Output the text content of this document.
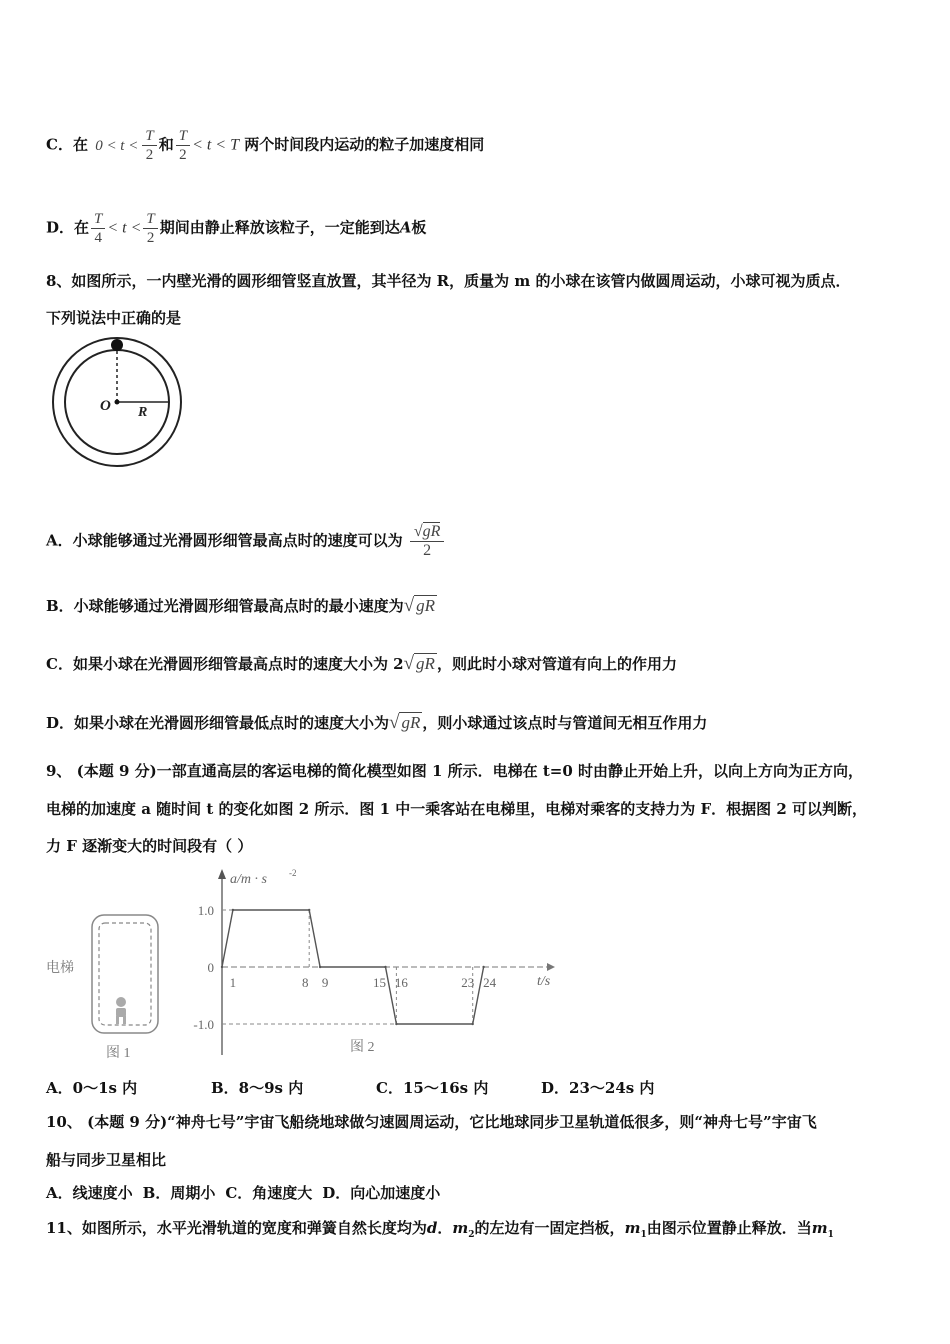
C．在 $0 < t < \frac{T}{2}$ 和 $\frac{T}{2} < t < T$ 两个时间段内运动的粒子加速度相同
D．在 $\frac{T}{4} < t < \frac{T}{2}$ 期间由静止释放该粒子，一定能到达A板
8、如图所示，一内壁光滑的圆形细管竖直放置，其半径为 R，质量为 m 的小球在该管内做圆周运动，小球可视为质点．
下列说法中正确的是
O R
A．小球能够通过光滑圆形细管最高点时的速度可以为 $\frac{√gR}{2}$
B．小球能够通过光滑圆形细管最高点时的最小速度为√ gR
C．如果小球在光滑圆形细管最高点时的速度大小为 2√ gR ，则此时小球对管道有向上的作用力
D．如果小球在光滑圆形细管最低点时的速度大小为√ gR ，则小球通过该点时与管道间无相互作用力
9、 (本题 9 分)一部直通高层的客运电梯的简化模型如图 1 所示．电梯在 t=0 时由静止开始上升，以向上方向为正方向，
电梯的加速度 a 随时间 t 的变化如图 2 所示．图 1 中一乘客站在电梯里，电梯对乘客的支持力为 F．根据图 2 可以判断，
力 F 逐渐变大的时间段有（ ）
电梯
图 1
a/m · s -2
t/s
1.0
0
-1.0
1	8 9	15 16	23 24
图 2
A．0～1s 内	B．8～9s 内	C．15～16s 内	D．23～24s 内
10、 (本题 9 分)“神舟七号”宇宙飞船绕地球做匀速圆周运动，它比地球同步卫星轨道低很多，则“神舟七号”宇宙飞
船与同步卫星相比
A．线速度小 B．周期小 C．角速度大 D．向心加速度小
11、如图所示，水平光滑轨道的宽度和弹簧自然长度均为d．$m_2$的左边有一固定挡板，$m_1$由图示位置静止释放．当$m_1$
